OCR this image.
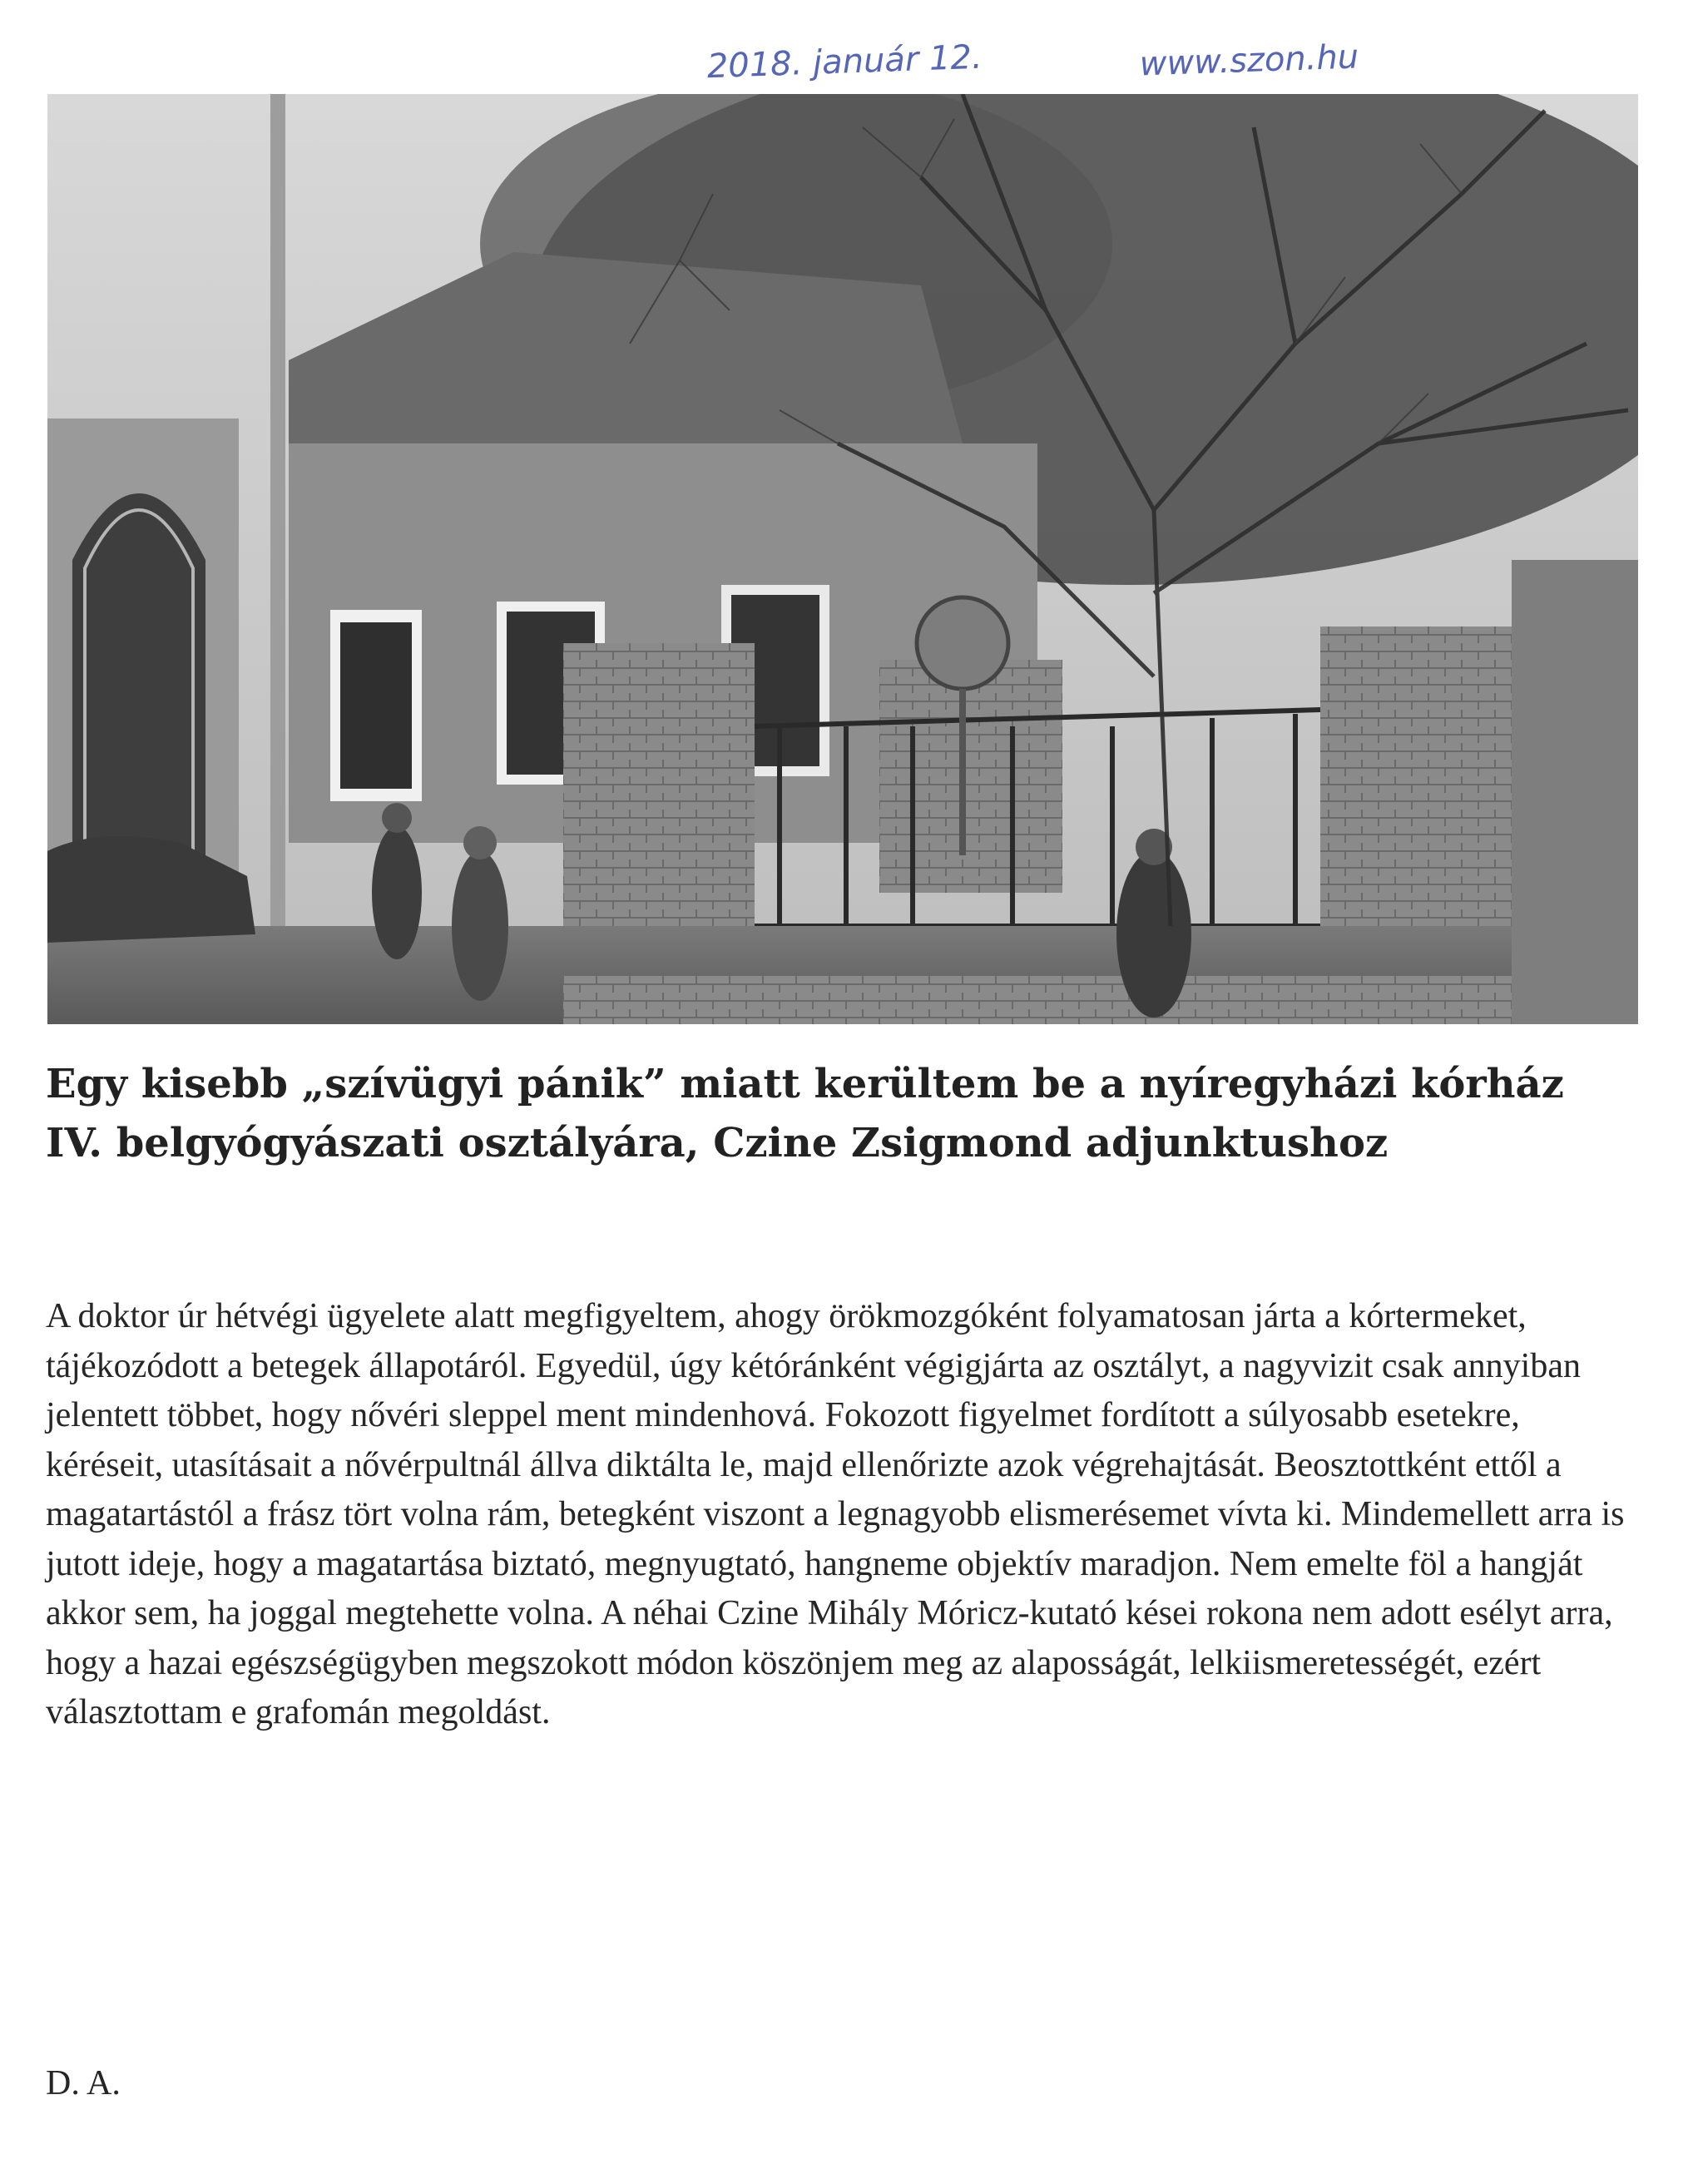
2018. január 12.	www.szon.hu
Egy kisebb „szívügyi pánik” miatt kerültem be a nyíregyházi kórház IV. belgyógyászati osztályára, Czine Zsigmond adjunktushoz

A doktor úr hétvégi ügyelete alatt megfigyeltem, ahogy örökmozgóként folyamatosan járta a kórtermeket, tájékozódott a betegek állapotáról. Egyedül, úgy kétóránként végigjárta az osztályt, a nagyvizit csak annyiban jelentett többet, hogy nővéri sleppel ment mindenhová. Fokozott figyelmet fordított a súlyosabb esetekre, kéréseit, utasításait a nővérpultnál állva diktálta le, majd ellenőrizte azok végrehajtását. Beosztottként ettől a magatartástól a frász tört volna rám, betegként viszont a legnagyobb elismerésemet vívta ki. Mindemellett arra is jutott ideje, hogy a magatartása biztató, megnyugtató, hangneme objektív maradjon. Nem emelte föl a hangját akkor sem, ha joggal megtehette volna. A néhai Czine Mihály Móricz-kutató kései rokona nem adott esélyt arra, hogy a hazai egészségügyben megszokott módon köszönjem meg az alaposságát, lelkiismeretességét, ezért választottam e grafomán megoldást.

D. A.
